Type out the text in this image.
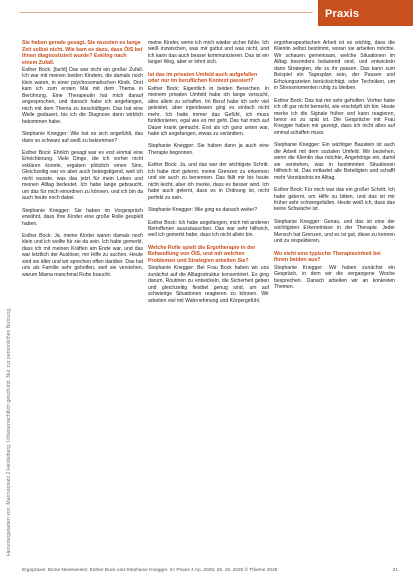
Praxis
Heruntergeladen von: Marmorplatz 2 Heidelberg. Urheberrechtlich geschützt. Nur zur persönlichen Nutzung.

Sie haben gerade gesagt, Sie wussten es lange Zeit selbst nicht. Wie kam es dazu, dass ÖIS bei Ihnen diagnostiziert wurde? Eskling nach einem Zufall.

Esther Bock: [lacht] Das war nicht ein großer Zufall. Ich war mit meinen beiden Kindern, die damals noch klein waren, in einer psychosomatischen Klinik. Dort kam ich zum ersten Mal mit dem Thema in Berührung. Eine Therapeutin hat mich darauf angesprochen, und danach habe ich angefangen, mich mit dem Thema zu beschäftigen. Das hat eine Weile gedauert, bis ich die Diagnose dann wirklich bekommen habe.

Stephanie Knegger: Wie hat es sich angefühlt, das dann so schwarz auf weiß zu bekommen?

Esther Bock: Ehrlich gesagt war es erst einmal eine Erleichterung. Viele Dinge, die ich vorher nicht erklären konnte, ergaben plötzlich einen Sinn. Gleichzeitig war es aber auch beängstigend, weil ich nicht wusste, was das jetzt für mein Leben und meinen Alltag bedeutet. Ich habe lange gebraucht, um das für mich einordnen zu können, und ich bin da auch heute noch dabei.

Stephanie Knegger: Sie haben im Vorgespräch erwähnt, dass Ihre Kinder eine große Rolle gespielt haben.

Esther Bock: Ja, meine Kinder waren damals noch klein und ich wollte für sie da sein. Ich habe gemerkt, dass ich mit meinen Kräften am Ende war, und das war letztlich der Auslöser, mir Hilfe zu suchen. Heute sind sie älter und wir sprechen offen darüber. Das hat uns als Familie sehr geholfen, weil sie verstehen, warum Mama manchmal Ruhe braucht.

meine Kinder, wenn ich mich wieder sicher fühle. Ich weiß inzwischen, was mir guttut und was nicht, und ich kann das auch besser kommunizieren. Das ist ein langer Weg, aber er lohnt sich.

Ist das im privaten Umfeld auch aufgefallen oder nur im beruflichen Kontext passiert?

Esther Bock: Eigentlich in beiden Bereichen. In meinem privaten Umfeld habe ich lange versucht, alles allein zu schaffen. Im Beruf habe ich sehr viel geleistet, aber irgendwann ging es einfach nicht mehr. Ich hatte immer das Gefühl, ich muss funktionieren, egal wie es mir geht. Das hat mich auf Dauer krank gemacht. Erst als ich ganz unten war, habe ich angefangen, etwas zu verändern.

Stephanie Knegger: Sie haben dann ja auch eine Therapie begonnen.

Esther Bock: Ja, und das war der wichtigste Schritt. Ich habe dort gelernt, meine Grenzen zu erkennen und sie auch zu benennen. Das fällt mir bis heute nicht leicht, aber ich merke, dass es besser wird. Ich habe auch gelernt, dass es in Ordnung ist, nicht perfekt zu sein.

Stephanie Knegger: Wie ging es danach weiter?

Esther Bock: Ich habe angefangen, mich mit anderen Betroffenen auszutauschen. Das war sehr hilfreich, weil ich gemerkt habe, dass ich nicht allein bin.

Welche Rolle spielt die Ergotherapie in der Behandlung von ÖIS, und mit welchen Problemen und Strategien arbeiten Sie?

Stephanie Knegger: Bei Frau Bock haben wir uns zunächst auf die Alltagsstruktur konzentriert. Es ging darum, Routinen zu entwickeln, die Sicherheit geben und gleichzeitig flexibel genug sind, um auf schwierige Situationen reagieren zu können. Wir arbeiten viel mit Wahrnehmung und Körpergefühl.

ergotherapeutischen Arbeit ist es wichtig, dass die Klientin selbst bestimmt, woran sie arbeiten möchte. Wir schauen gemeinsam, welche Situationen im Alltag besonders belastend sind, und entwickeln dann Strategien, die zu ihr passen. Das kann zum Beispiel ein Tagesplan sein, der Pausen und Erholungszeiten berücksichtigt, oder Techniken, um in Stressmomenten ruhig zu bleiben.

Esther Bock: Das hat mir sehr geholfen. Vorher habe ich oft gar nicht bemerkt, wie erschöpft ich bin. Heute merke ich die Signale früher und kann reagieren, bevor es zu spät ist. Die Gespräche mit Frau Knegger haben mir gezeigt, dass ich nicht alles auf einmal schaffen muss.

Stephanie Knegger: Ein wichtiger Baustein ist auch die Arbeit mit dem sozialen Umfeld. Wir beziehen, wenn die Klientin das möchte, Angehörige ein, damit sie verstehen, was in bestimmten Situationen hilfreich ist. Das entlastet alle Beteiligten und schafft mehr Verständnis im Alltag.

Esther Bock: Für mich war das ein großer Schritt. Ich habe gelernt, um Hilfe zu bitten, und das ist mir früher sehr schwergefallen. Heute weiß ich, dass das keine Schwäche ist.

Stephanie Knegger: Genau, und das ist eine der wichtigsten Erkenntnisse in der Therapie. Jeder Mensch hat Grenzen, und es ist gut, diese zu kennen und zu respektieren.

Wo sieht eine typische Therapieeinheit bei Ihnen beiden aus?

Stephanie Knegger: Wir haben zunächst ein Gespräch, in dem wir die vergangene Woche besprechen. Danach arbeiten wir an konkreten Themen.

Ergopraxis: Dinne Newsweeks: Esther Bock und Stephanie Knegger. In: Praxis 4 Ap. 2025; 26, 48. 2025 © Thieme 2025	21
